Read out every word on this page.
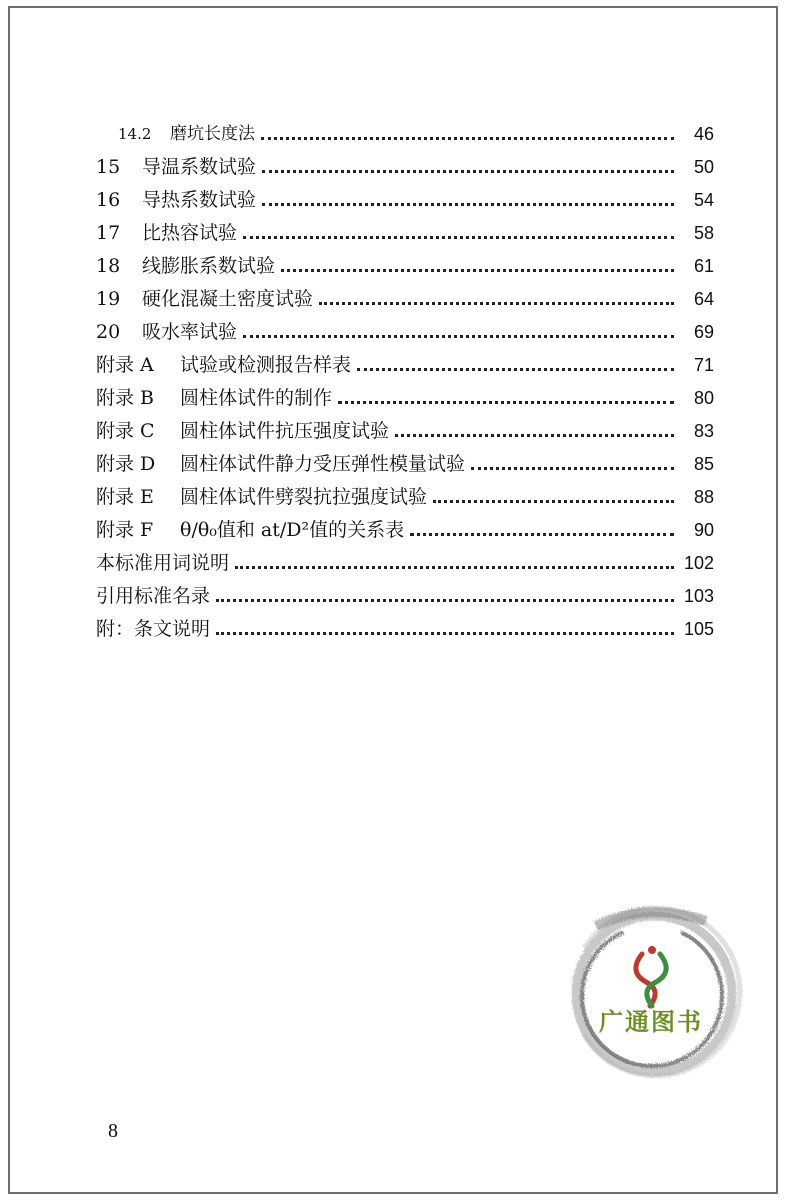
14.2	磨坑长度法	46
15	导温系数试验	50
16	导热系数试验	54
17	比热容试验	58
18	线膨胀系数试验	61
19	硬化混凝土密度试验	64
20	吸水率试验	69
附录 A	试验或检测报告样表	71
附录 B	圆柱体试件的制作	80
附录 C	圆柱体试件抗压强度试验	83
附录 D	圆柱体试件静力受压弹性模量试验	85
附录 E	圆柱体试件劈裂抗拉强度试验	88
附录 F	θ/θ₀值和 at/D²值的关系表	90
本标准用词说明	102
引用标准名录	103
附：条文说明	105
8
广通图书
